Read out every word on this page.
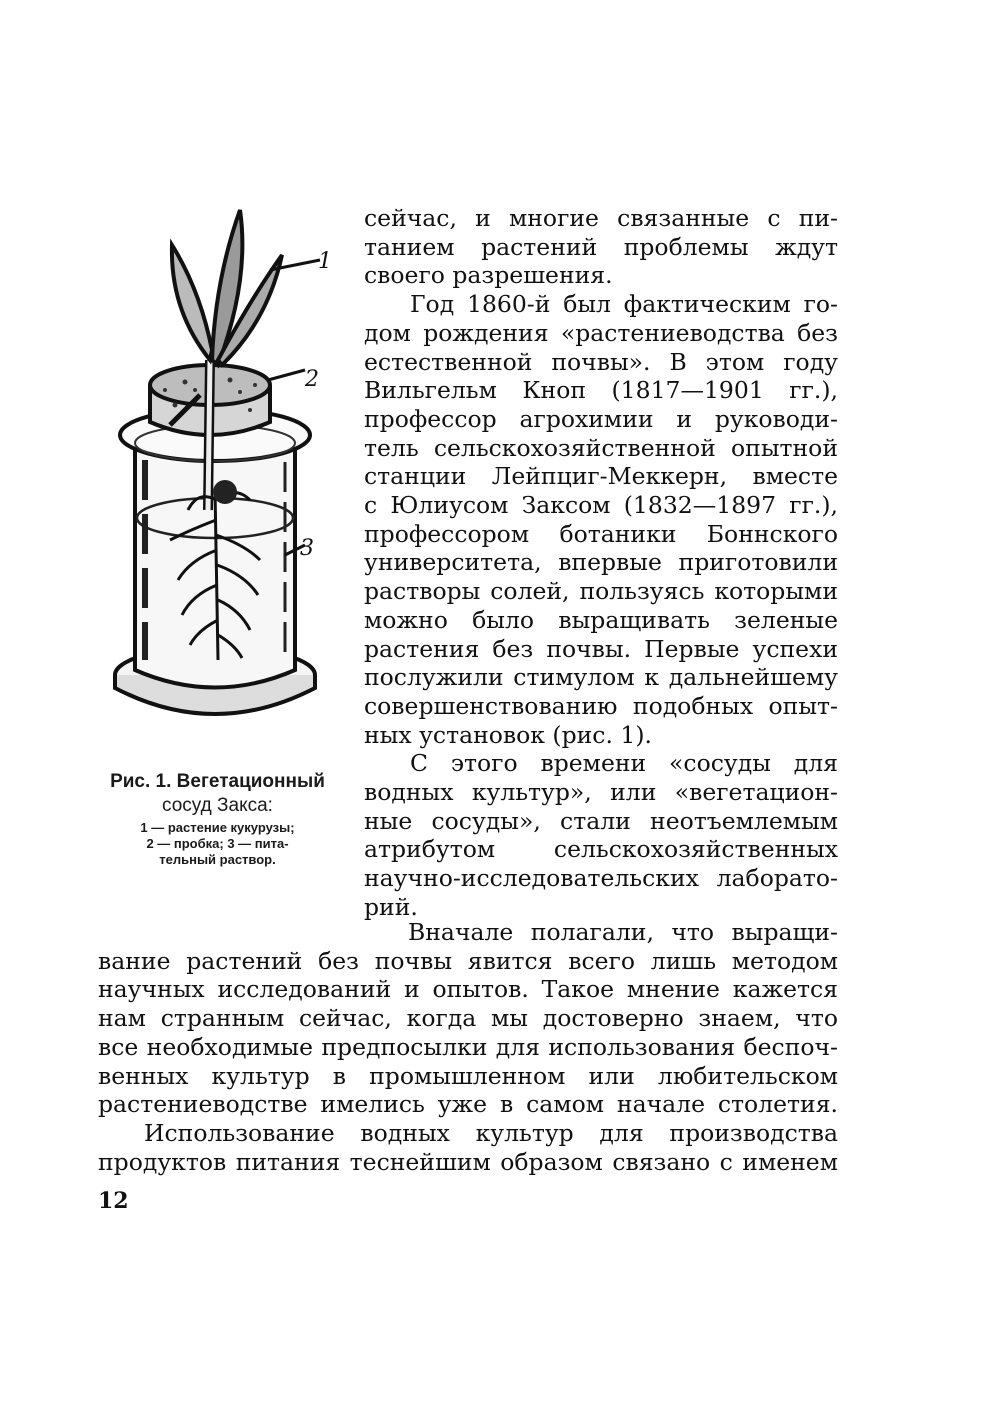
1
2
3
Рис. 1. Вегетационный
сосуд Закса:
1 — растение кукурузы;
2 — пробка; 3 — пита-
тельный раствор.
сейчас, и многие связанные с пи-
танием растений проблемы ждут
своего разрешения.
Год 1860-й был фактическим го-
дом рождения «растениеводства без
естественной почвы». В этом году
Вильгельм Кноп (1817—1901 гг.),
профессор агрохимии и руководи-
тель сельскохозяйственной опытной
станции Лейпциг-Меккерн, вместе
с Юлиусом Заксом (1832—1897 гг.),
профессором ботаники Боннского
университета, впервые приготовили
растворы солей, пользуясь которыми
можно было выращивать зеленые
растения без почвы. Первые успехи
послужили стимулом к дальнейшему
совершенствованию подобных опыт-
ных установок (рис. 1).
С этого времени «сосуды для
водных культур», или «вегетацион-
ные сосуды», стали неотъемлемым
атрибутом сельскохозяйственных
научно-исследовательских лаборато-
рий.
Вначале полагали, что выращи-
вание растений без почвы явится всего лишь методом
научных исследований и опытов. Такое мнение кажется
нам странным сейчас, когда мы достоверно знаем, что
все необходимые предпосылки для использования беспоч-
венных культур в промышленном или любительском
растениеводстве имелись уже в самом начале столетия.
Использование водных культур для производства
продуктов питания теснейшим образом связано с именем
12
